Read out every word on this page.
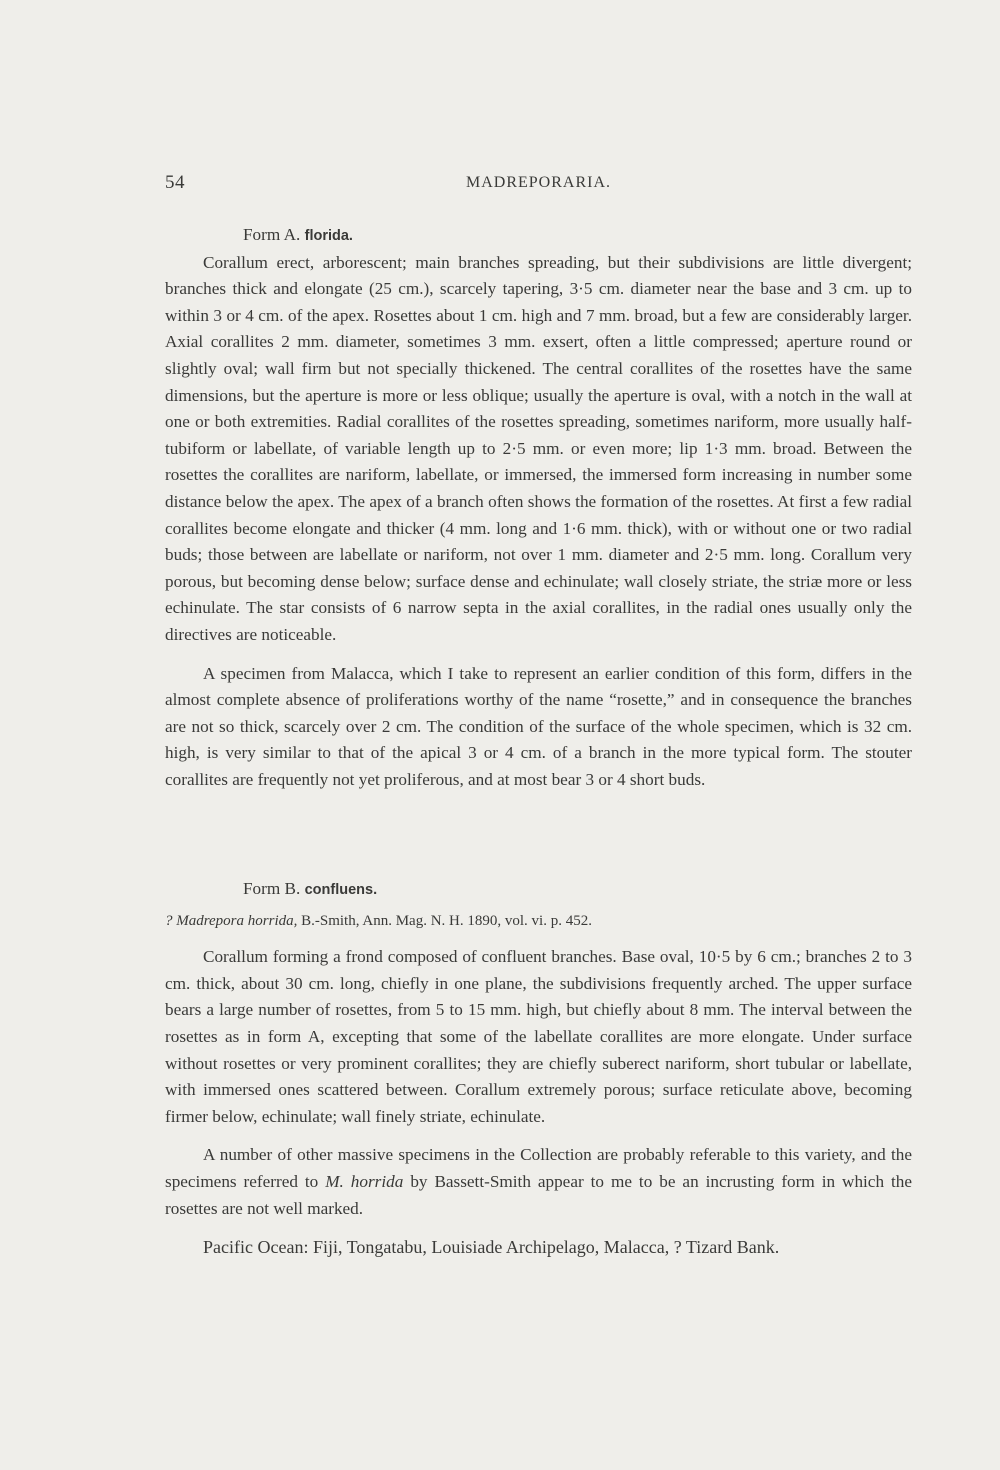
54	MADREPORARIA.

Form A. florida.

Corallum erect, arborescent; main branches spreading, but their subdivisions are little divergent; branches thick and elongate (25 cm.), scarcely tapering, 3·5 cm. diameter near the base and 3 cm. up to within 3 or 4 cm. of the apex. Rosettes about 1 cm. high and 7 mm. broad, but a few are considerably larger. Axial corallites 2 mm. diameter, sometimes 3 mm. exsert, often a little compressed; aperture round or slightly oval; wall firm but not specially thickened. The central corallites of the rosettes have the same dimensions, but the aperture is more or less oblique; usually the aperture is oval, with a notch in the wall at one or both extremities. Radial corallites of the rosettes spreading, sometimes nariform, more usually half-tubiform or labellate, of variable length up to 2·5 mm. or even more; lip 1·3 mm. broad. Between the rosettes the corallites are nariform, labellate, or immersed, the immersed form increasing in number some distance below the apex. The apex of a branch often shows the formation of the rosettes. At first a few radial corallites become elongate and thicker (4 mm. long and 1·6 mm. thick), with or without one or two radial buds; those between are labellate or nariform, not over 1 mm. diameter and 2·5 mm. long. Corallum very porous, but becoming dense below; surface dense and echinulate; wall closely striate, the striæ more or less echinulate. The star consists of 6 narrow septa in the axial corallites, in the radial ones usually only the directives are noticeable.

A specimen from Malacca, which I take to represent an earlier condition of this form, differs in the almost complete absence of proliferations worthy of the name “rosette,” and in consequence the branches are not so thick, scarcely over 2 cm. The condition of the surface of the whole specimen, which is 32 cm. high, is very similar to that of the apical 3 or 4 cm. of a branch in the more typical form. The stouter corallites are frequently not yet proliferous, and at most bear 3 or 4 short buds.

Form B. confluens.

? Madrepora horrida, B.-Smith, Ann. Mag. N. H. 1890, vol. vi. p. 452.

Corallum forming a frond composed of confluent branches. Base oval, 10·5 by 6 cm.; branches 2 to 3 cm. thick, about 30 cm. long, chiefly in one plane, the subdivisions frequently arched. The upper surface bears a large number of rosettes, from 5 to 15 mm. high, but chiefly about 8 mm. The interval between the rosettes as in form A, excepting that some of the labellate corallites are more elongate. Under surface without rosettes or very prominent corallites; they are chiefly suberect nariform, short tubular or labellate, with immersed ones scattered between. Corallum extremely porous; surface reticulate above, becoming firmer below, echinulate; wall finely striate, echinulate.

A number of other massive specimens in the Collection are probably referable to this variety, and the specimens referred to M. horrida by Bassett-Smith appear to me to be an incrusting form in which the rosettes are not well marked.

Pacific Ocean: Fiji, Tongatabu, Louisiade Archipelago, Malacca, ? Tizard Bank.
